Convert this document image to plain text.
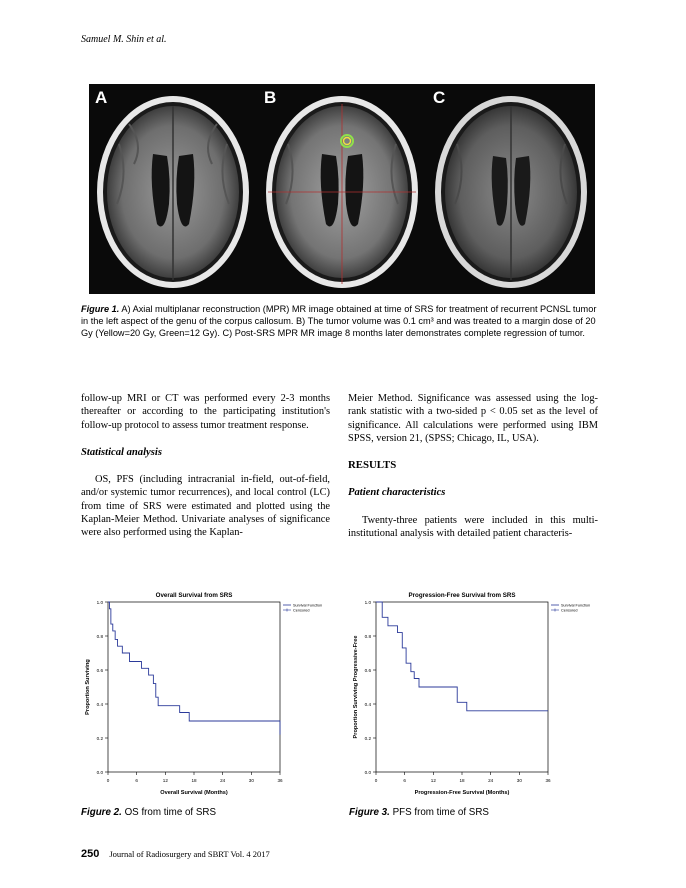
Samuel M. Shin et al.
A	B	C
Figure 1. A) Axial multiplanar reconstruction (MPR) MR image obtained at time of SRS for treatment of recurrent PCNSL tumor in the left aspect of the genu of the corpus callosum. B) The tumor volume was 0.1 cm³ and was treated to a margin dose of 20 Gy (Yellow=20 Gy, Green=12 Gy). C) Post-SRS MPR MR image 8 months later demonstrates complete regression of tumor.

follow-up MRI or CT was performed every 2-3 months thereafter or according to the participating institution's follow-up protocol to assess tumor treatment response.

Statistical analysis

OS, PFS (including intracranial in-field, out-of-field, and/or systemic tumor recurrences), and local control (LC) from time of SRS were estimated and plotted using the Kaplan-Meier Method. Univariate analyses of significance were also performed using the Kaplan-

Meier Method. Significance was assessed using the log-rank statistic with a two-sided p < 0.05 set as the level of significance. All calculations were performed using IBM SPSS, version 21, (SPSS; Chicago, IL, USA).

RESULTS

Patient characteristics

Twenty-three patients were included in this multi-institutional analysis with detailed patient characteris-

Overall Survival from SRS
0.0
0.2
0.4
0.6
0.8
1.0
0	6	12	18	24	30	36
Overall Survival (Months)
Proportion Surviving
Survival Function
Censored
Progression-Free Survival from SRS
0.0
0.2
0.4
0.6
0.8
1.0
0	6	12	18	24	30	36
Progression-Free Survival (Months)
Proportion Surviving Progressive-Free
Survival Function
Censored
Figure 2. OS from time of SRS	Figure 3. PFS from time of SRS
250 Journal of Radiosurgery and SBRT Vol. 4 2017
